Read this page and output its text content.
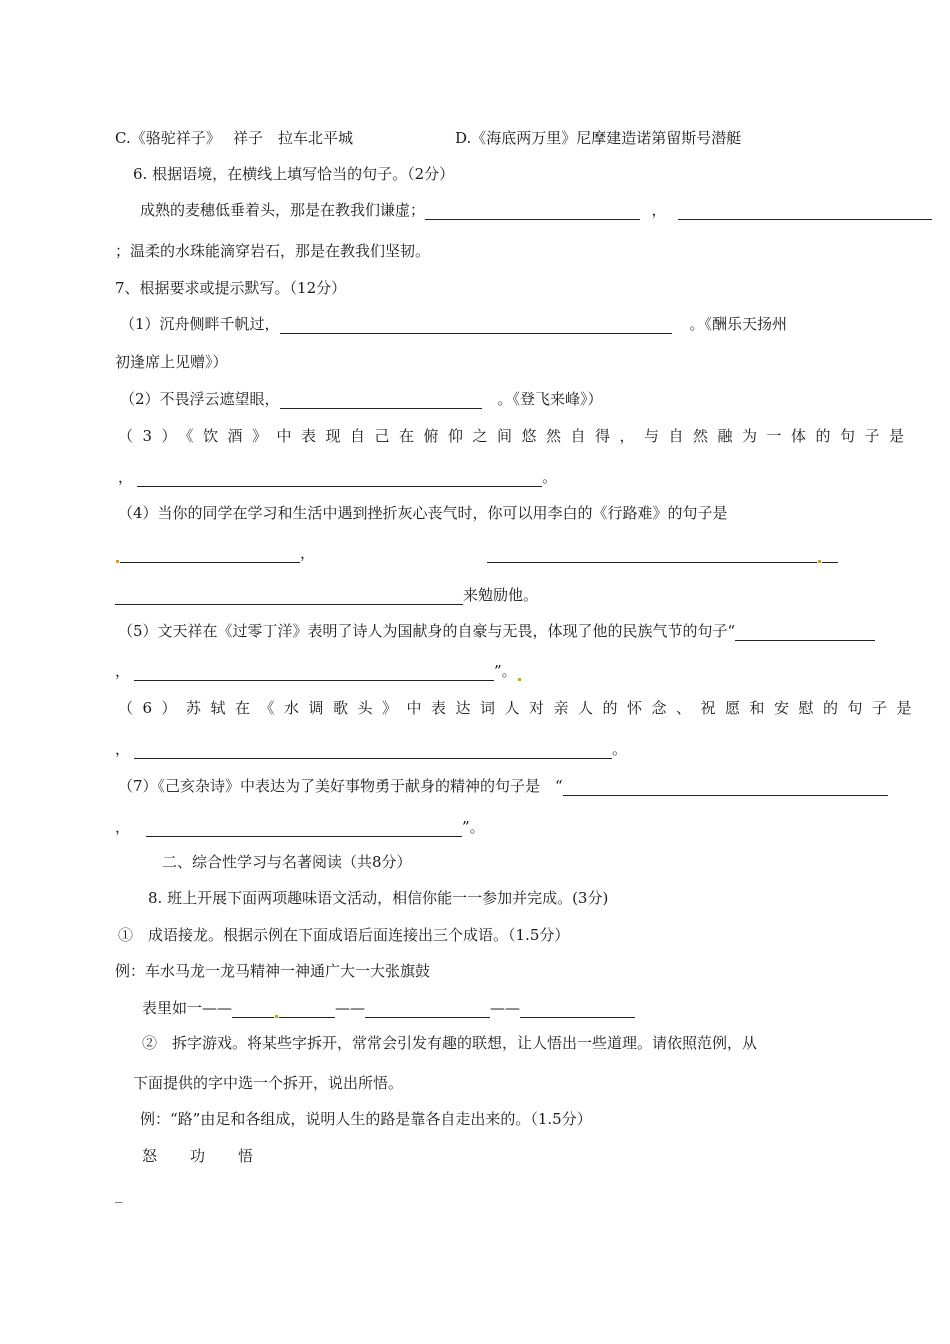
C.《骆驼祥子》　 祥子　拉车北平城	D.《海底两万里》尼摩建造诺第留斯号潜艇
6. 根据语境，在横线上填写恰当的句子。（2分）
成熟的麦穗低垂着头，那是在教我们谦虚；	，
；温柔的水珠能滴穿岩石，那是在教我们坚韧。
7、根据要求或提示默写。（12分）
（1）沉舟侧畔千帆过，	。《酬乐天扬州
初逢席上见赠》）
（2）不畏浮云遮望眼，	。《登飞来峰》）
（3）《饮酒》中表现自己在俯仰之间悠然自得，与自然融为一体的句子是
，	。
（4）当你的同学在学习和生活中遇到挫折灰心丧气时，你可以用李白的《行路难》的句子是
，
来勉励他。
（5）文天祥在《过零丁洋》表明了诗人为国献身的自豪与无畏，体现了他的民族气节的句子“
，	”。
（6）苏轼在《水调歌头》中表达词人对亲人的怀念、祝愿和安慰的句子是
，	。
（7）《己亥杂诗》中表达为了美好事物勇于献身的精神的句子是　“
，	”。
二、综合性学习与名著阅读（共8分）
8. 班上开展下面两项趣味语文活动，相信你能一一参加并完成。(3分)
①　成语接龙。根据示例在下面成语后面连接出三个成语。（1.5分）
例：车水马龙一龙马精神一神通广大一大张旗鼓
表里如一——	——	——
②　拆字游戏。将某些字拆开，常常会引发有趣的联想，让人悟出一些道理。请依照范例，从
下面提供的字中选一个拆开，说出所悟。
例：“路”由足和各组成，说明人生的路是靠各自走出来的。（1.5分）
怒 功 悟
_
